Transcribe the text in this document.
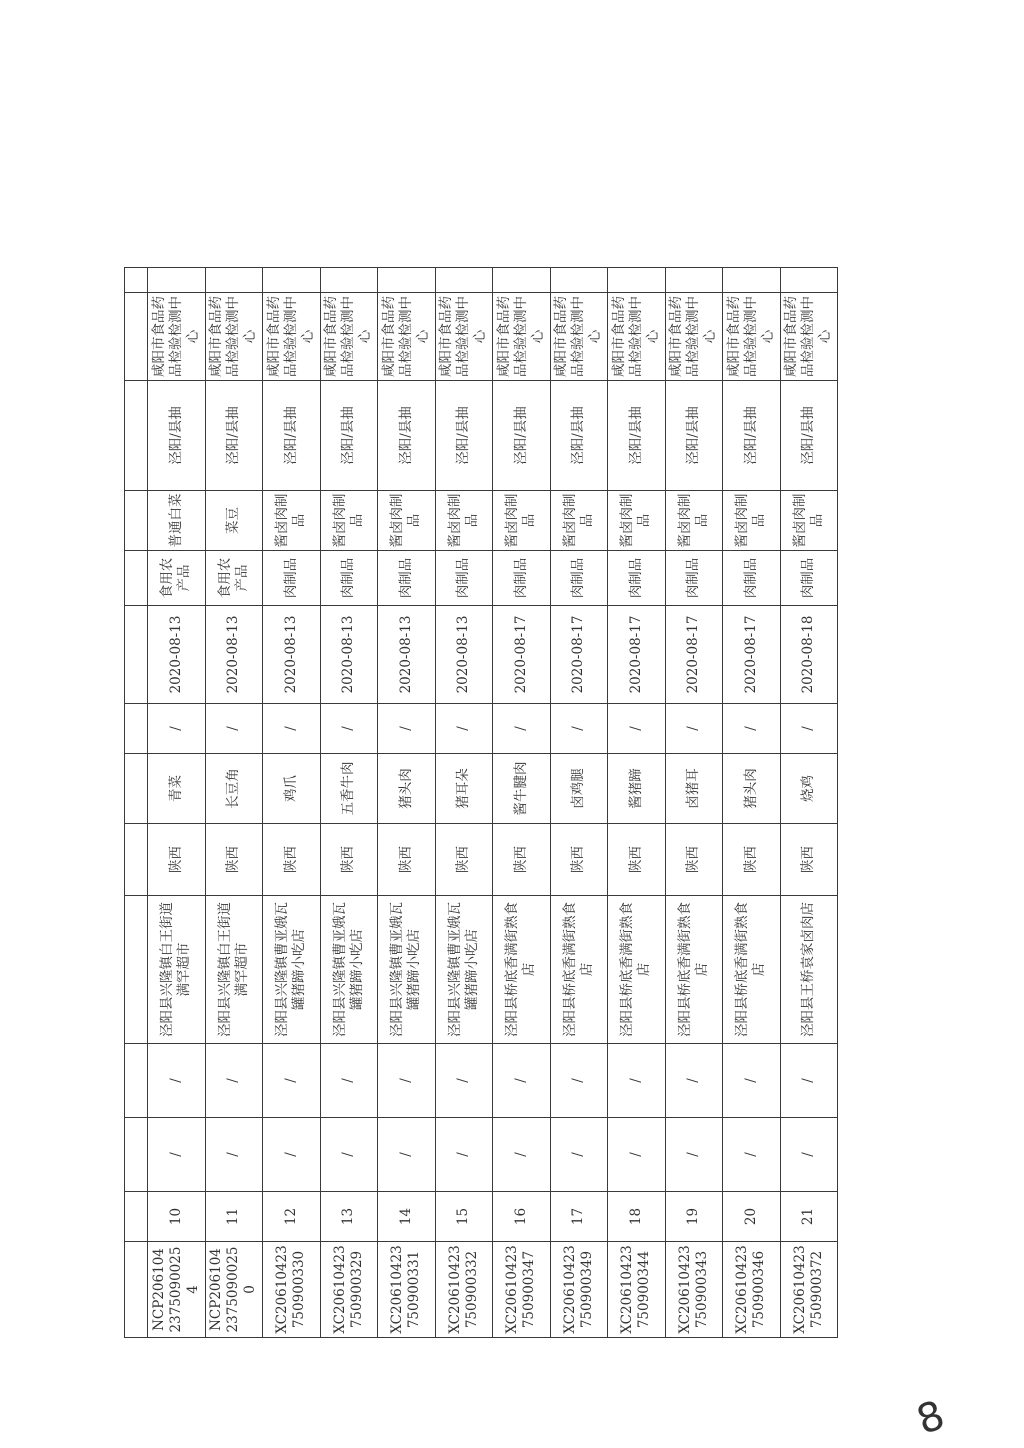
NCP20610423750900254	10	/	/	泾阳县兴隆镇白王街道满罕超市	陕西	青菜	/	2020-08-13	食用农产品	普通白菜	泾阳/县抽	咸阳市食品药品检验检测中心	
NCP20610423750900250	11	/	/	泾阳县兴隆镇白王街道满罕超市	陕西	长豆角	/	2020-08-13	食用农产品	菜豆	泾阳/县抽	咸阳市食品药品检验检测中心	
XC20610423750900330	12	/	/	泾阳县兴隆镇曹亚娥瓦罐猪蹄小吃店	陕西	鸡爪	/	2020-08-13	肉制品	酱卤肉制品	泾阳/县抽	咸阳市食品药品检验检测中心	
XC20610423750900329	13	/	/	泾阳县兴隆镇曹亚娥瓦罐猪蹄小吃店	陕西	五香牛肉	/	2020-08-13	肉制品	酱卤肉制品	泾阳/县抽	咸阳市食品药品检验检测中心	
XC20610423750900331	14	/	/	泾阳县兴隆镇曹亚娥瓦罐猪蹄小吃店	陕西	猪头肉	/	2020-08-13	肉制品	酱卤肉制品	泾阳/县抽	咸阳市食品药品检验检测中心	
XC20610423750900332	15	/	/	泾阳县兴隆镇曹亚娥瓦罐猪蹄小吃店	陕西	猪耳朵	/	2020-08-13	肉制品	酱卤肉制品	泾阳/县抽	咸阳市食品药品检验检测中心	
XC20610423750900347	16	/	/	泾阳县桥底香满街熟食店	陕西	酱牛腱肉	/	2020-08-17	肉制品	酱卤肉制品	泾阳/县抽	咸阳市食品药品检验检测中心	
XC20610423750900349	17	/	/	泾阳县桥底香满街熟食店	陕西	卤鸡腿	/	2020-08-17	肉制品	酱卤肉制品	泾阳/县抽	咸阳市食品药品检验检测中心	
XC20610423750900344	18	/	/	泾阳县桥底香满街熟食店	陕西	酱猪蹄	/	2020-08-17	肉制品	酱卤肉制品	泾阳/县抽	咸阳市食品药品检验检测中心	
XC20610423750900343	19	/	/	泾阳县桥底香满街熟食店	陕西	卤猪耳	/	2020-08-17	肉制品	酱卤肉制品	泾阳/县抽	咸阳市食品药品检验检测中心	
XC20610423750900346	20	/	/	泾阳县桥底香满街熟食店	陕西	猪头肉	/	2020-08-17	肉制品	酱卤肉制品	泾阳/县抽	咸阳市食品药品检验检测中心	
XC20610423750900372	21	/	/	泾阳县王桥袁家卤肉店	陕西	烧鸡	/	2020-08-18	肉制品	酱卤肉制品	泾阳/县抽	咸阳市食品药品检验检测中心	
8
